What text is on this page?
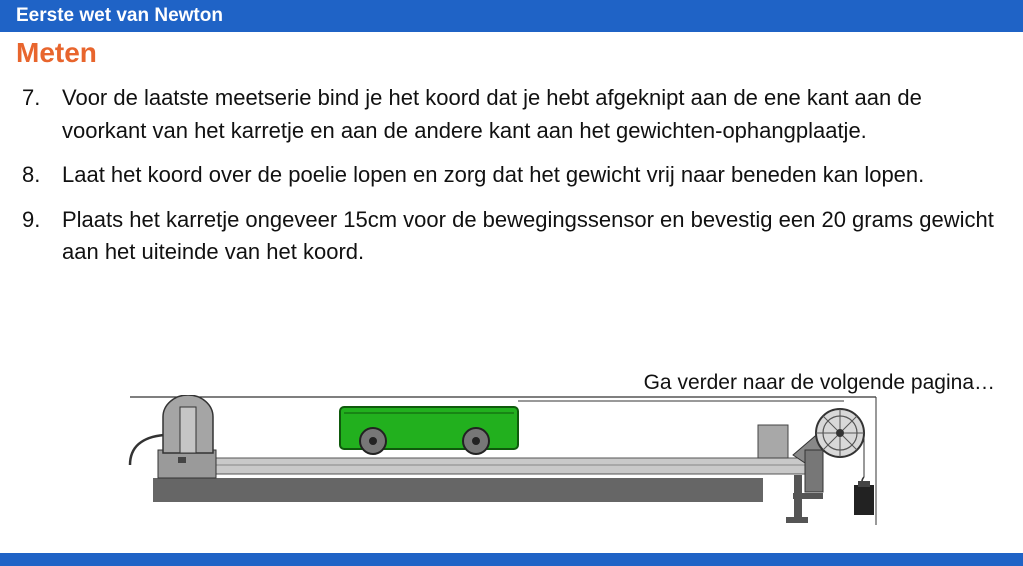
Eerste wet van Newton
Meten
7. Voor de laatste meetserie bind je het koord dat je hebt afgeknipt aan de ene kant aan de voorkant van het karretje en aan de andere kant aan het gewichten-ophangplaatje.
8. Laat het koord over de poelie lopen en zorg dat het gewicht vrij naar beneden kan lopen.
9. Plaats het karretje ongeveer 15cm voor de bewegingssensor en bevestig een 20 grams gewicht aan het uiteinde van het koord.
Ga verder naar de volgende pagina…
